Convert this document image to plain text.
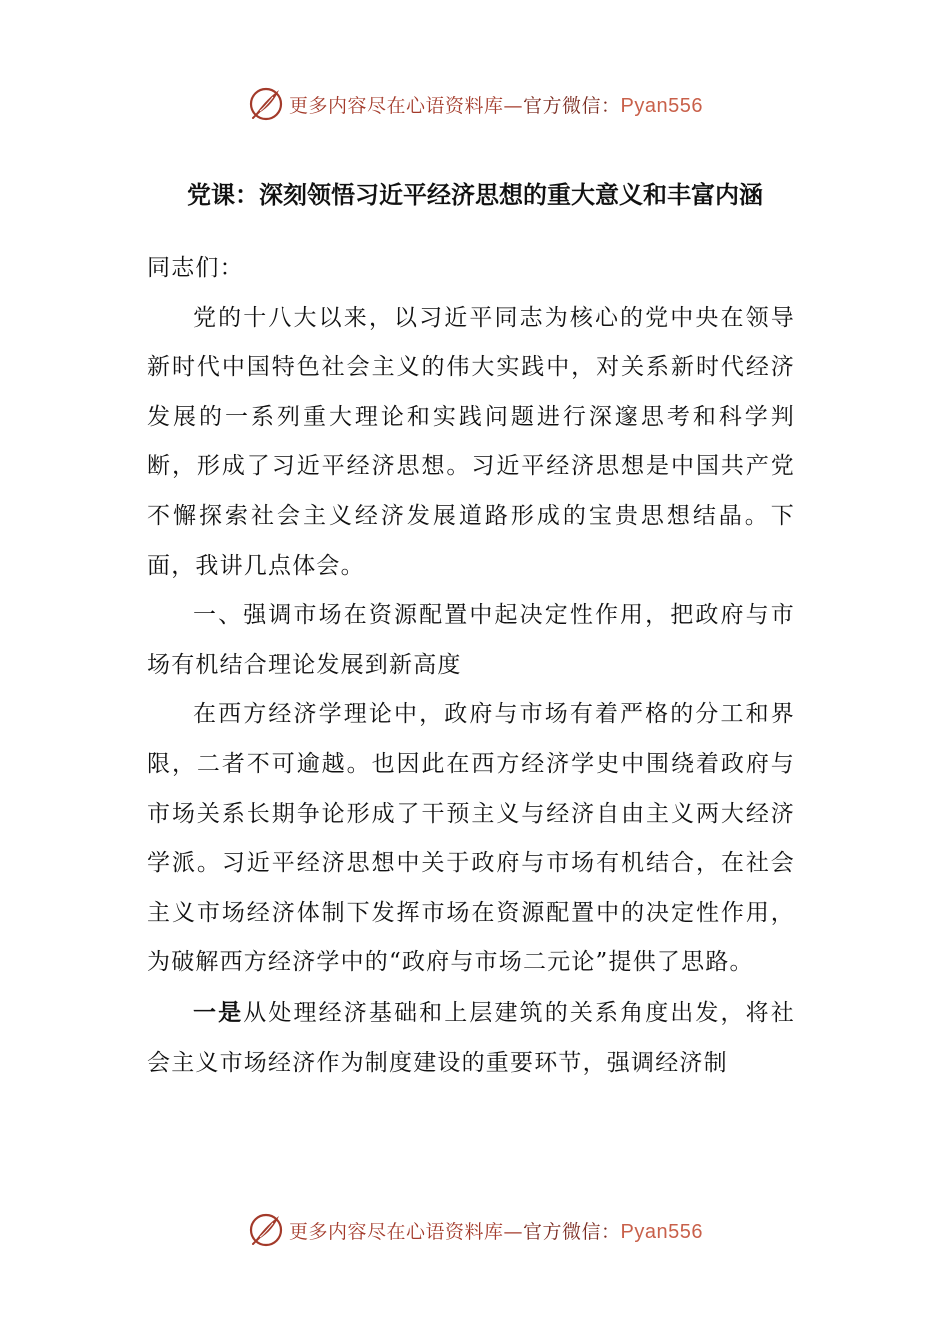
更多内容尽在心语资料库—官方微信：Pyan556
党课：深刻领悟习近平经济思想的重大意义和丰富内涵

同志们：

党的十八大以来，以习近平同志为核心的党中央在领导新时代中国特色社会主义的伟大实践中，对关系新时代经济发展的一系列重大理论和实践问题进行深邃思考和科学判断，形成了习近平经济思想。习近平经济思想是中国共产党不懈探索社会主义经济发展道路形成的宝贵思想结晶。下面，我讲几点体会。

一、强调市场在资源配置中起决定性作用，把政府与市场有机结合理论发展到新高度

在西方经济学理论中，政府与市场有着严格的分工和界限，二者不可逾越。也因此在西方经济学史中围绕着政府与市场关系长期争论形成了干预主义与经济自由主义两大经济学派。习近平经济思想中关于政府与市场有机结合，在社会主义市场经济体制下发挥市场在资源配置中的决定性作用，为破解西方经济学中的“政府与市场二元论”提供了思路。

一是从处理经济基础和上层建筑的关系角度出发，将社会主义市场经济作为制度建设的重要环节，强调经济制

更多内容尽在心语资料库—官方微信：Pyan556
